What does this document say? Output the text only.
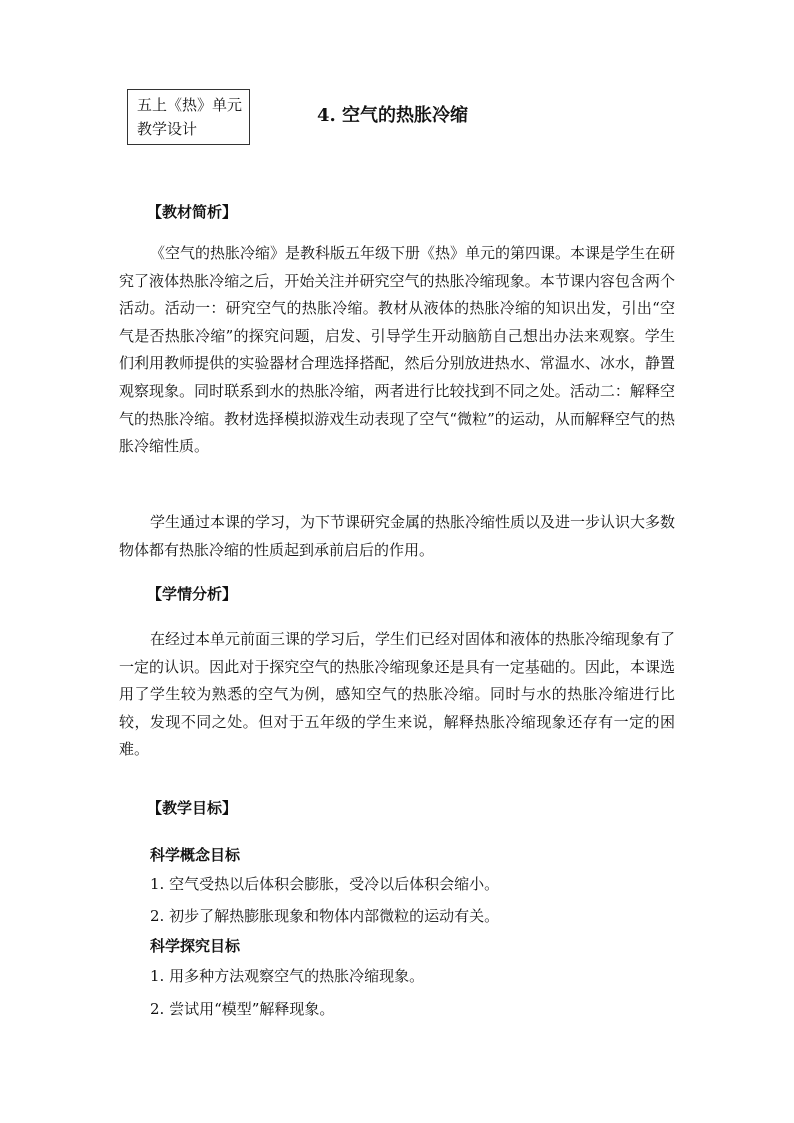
五上《热》单元
教学设计
4. 空气的热胀冷缩
【教材简析】

《空气的热胀冷缩》是教科版五年级下册《热》单元的第四课。本课是学生在研究了液体热胀冷缩之后，开始关注并研究空气的热胀冷缩现象。本节课内容包含两个活动。活动一：研究空气的热胀冷缩。教材从液体的热胀冷缩的知识出发，引出“空气是否热胀冷缩”的探究问题，启发、引导学生开动脑筋自己想出办法来观察。学生们利用教师提供的实验器材合理选择搭配，然后分别放进热水、常温水、冰水，静置观察现象。同时联系到水的热胀冷缩，两者进行比较找到不同之处。活动二：解释空气的热胀冷缩。教材选择模拟游戏生动表现了空气“微粒”的运动，从而解释空气的热胀冷缩性质。

学生通过本课的学习，为下节课研究金属的热胀冷缩性质以及进一步认识大多数物体都有热胀冷缩的性质起到承前启后的作用。

【学情分析】

在经过本单元前面三课的学习后，学生们已经对固体和液体的热胀冷缩现象有了一定的认识。因此对于探究空气的热胀冷缩现象还是具有一定基础的。因此，本课选用了学生较为熟悉的空气为例，感知空气的热胀冷缩。同时与水的热胀冷缩进行比较，发现不同之处。但对于五年级的学生来说，解释热胀冷缩现象还存有一定的困难。

【教学目标】
科学概念目标
1. 空气受热以后体积会膨胀，受冷以后体积会缩小。
2. 初步了解热膨胀现象和物体内部微粒的运动有关。
科学探究目标
1. 用多种方法观察空气的热胀冷缩现象。
2. 尝试用“模型”解释现象。
